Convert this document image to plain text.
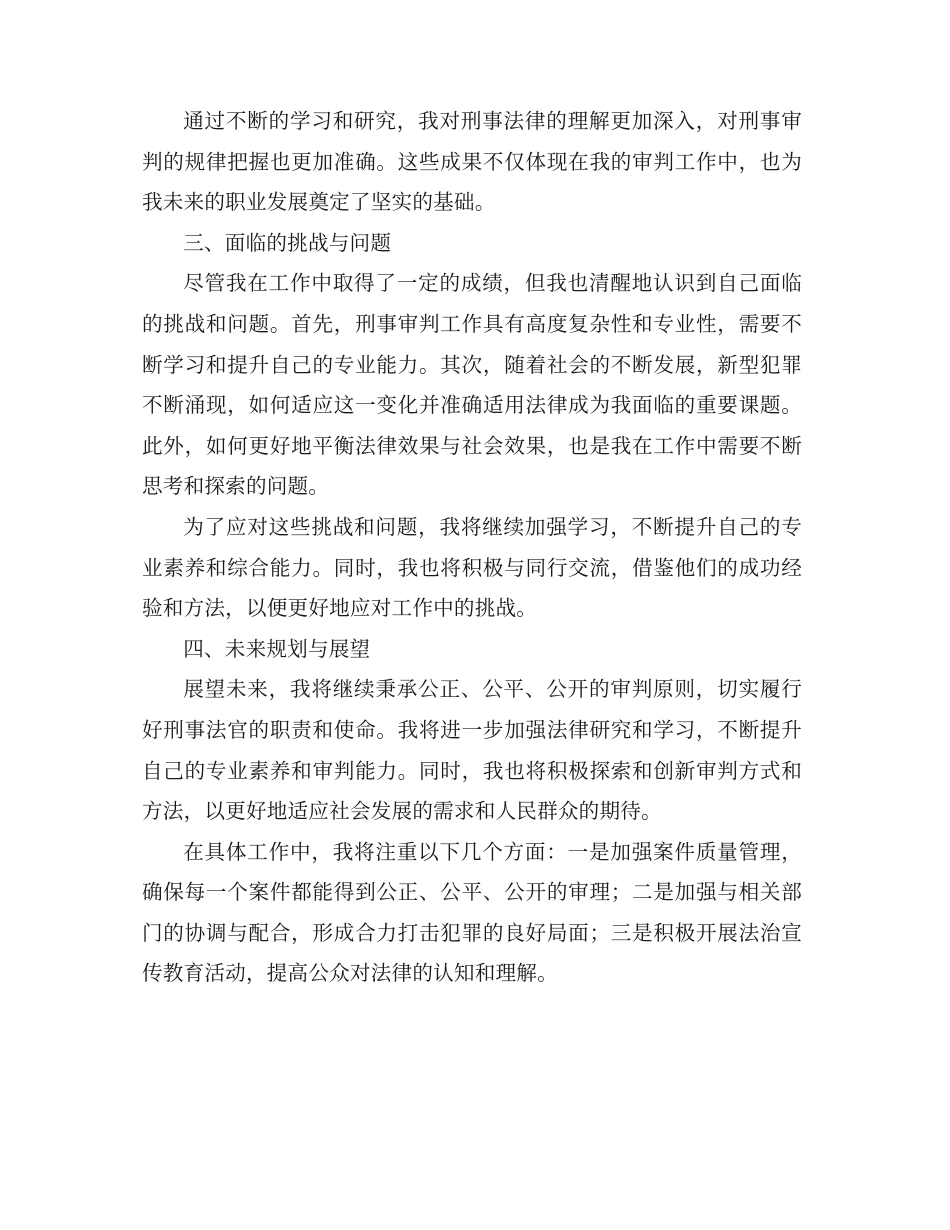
通过不断的学习和研究，我对刑事法律的理解更加深入，对刑事审判的规律把握也更加准确。这些成果不仅体现在我的审判工作中，也为我未来的职业发展奠定了坚实的基础。

三、面临的挑战与问题

尽管我在工作中取得了一定的成绩，但我也清醒地认识到自己面临的挑战和问题。首先，刑事审判工作具有高度复杂性和专业性，需要不断学习和提升自己的专业能力。其次，随着社会的不断发展，新型犯罪不断涌现，如何适应这一变化并准确适用法律成为我面临的重要课题。此外，如何更好地平衡法律效果与社会效果，也是我在工作中需要不断思考和探索的问题。

为了应对这些挑战和问题，我将继续加强学习，不断提升自己的专业素养和综合能力。同时，我也将积极与同行交流，借鉴他们的成功经验和方法，以便更好地应对工作中的挑战。

四、未来规划与展望

展望未来，我将继续秉承公正、公平、公开的审判原则，切实履行好刑事法官的职责和使命。我将进一步加强法律研究和学习，不断提升自己的专业素养和审判能力。同时，我也将积极探索和创新审判方式和方法，以更好地适应社会发展的需求和人民群众的期待。

在具体工作中，我将注重以下几个方面：一是加强案件质量管理，确保每一个案件都能得到公正、公平、公开的审理；二是加强与相关部门的协调与配合，形成合力打击犯罪的良好局面；三是积极开展法治宣传教育活动，提高公众对法律的认知和理解。
